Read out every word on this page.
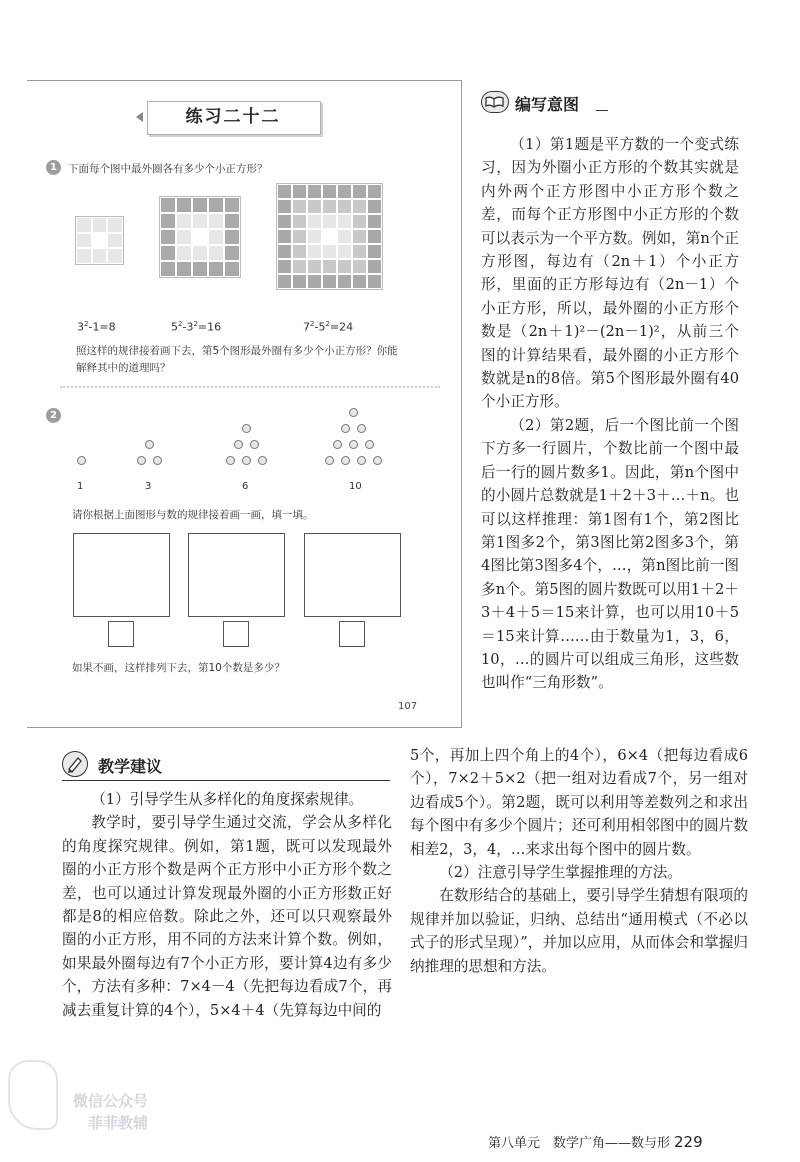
练习二十二
1	下面每个图中最外圈各有多少个小正方形？
$3^2-1=8$	$5^2-3^2=16$	$7^2-5^2=24$
照这样的规律接着画下去，第5个图形最外圈有多少个小正方形？你能
解释其中的道理吗？
2
1	3	6	10
请你根据上面图形与数的规律接着画一画，填一填。
如果不画，这样排列下去，第10个数是多少？
107
编写意图

（1）第1题是平方数的一个变式练习，因为外圈小正方形的个数其实就是内外两个正方形图中小正方形个数之差，而每个正方形图中小正方形的个数可以表示为一个平方数。例如，第n个正方形图，每边有（2n＋1）个小正方形，里面的正方形每边有（2n－1）个小正方形，所以，最外圈的小正方形个数是（2n＋1)²－(2n－1)²，从前三个图的计算结果看，最外圈的小正方形个数就是n的8倍。第5个图形最外圈有40个小正方形。

（2）第2题，后一个图比前一个图下方多一行圆片，个数比前一个图中最后一行的圆片数多1。因此，第n个图中的小圆片总数就是1＋2＋3＋…＋n。也可以这样推理：第1图有1个，第2图比第1图多2个，第3图比第2图多3个，第4图比第3图多4个，…，第n图比前一图多n个。第5图的圆片数既可以用1＋2＋3＋4＋5＝15来计算，也可以用10＋5＝15来计算……由于数量为1，3，6，10，…的圆片可以组成三角形，这些数也叫作“三角形数”。

教学建议

（1）引导学生从多样化的角度探索规律。

教学时，要引导学生通过交流，学会从多样化的角度探究规律。例如，第1题，既可以发现最外圈的小正方形个数是两个正方形中小正方形个数之差，也可以通过计算发现最外圈的小正方形数正好都是8的相应倍数。除此之外，还可以只观察最外圈的小正方形，用不同的方法来计算个数。例如，如果最外圈每边有7个小正方形，要计算4边有多少个，方法有多种：7×4－4（先把每边看成7个，再减去重复计算的4个），5×4＋4（先算每边中间的

5个，再加上四个角上的4个），6×4（把每边看成6个），7×2＋5×2（把一组对边看成7个，另一组对边看成5个）。第2题，既可以利用等差数列之和求出每个图中有多少个圆片；还可利用相邻图中的圆片数相差2，3，4，…来求出每个图中的圆片数。

（2）注意引导学生掌握推理的方法。

在数形结合的基础上，要引导学生猜想有限项的规律并加以验证，归纳、总结出“通用模式（不必以式子的形式呈现）”，并加以应用，从而体会和掌握归纳推理的思想和方法。

第八单元　数学广角——数与形 229
微信公众号
菲菲教辅
